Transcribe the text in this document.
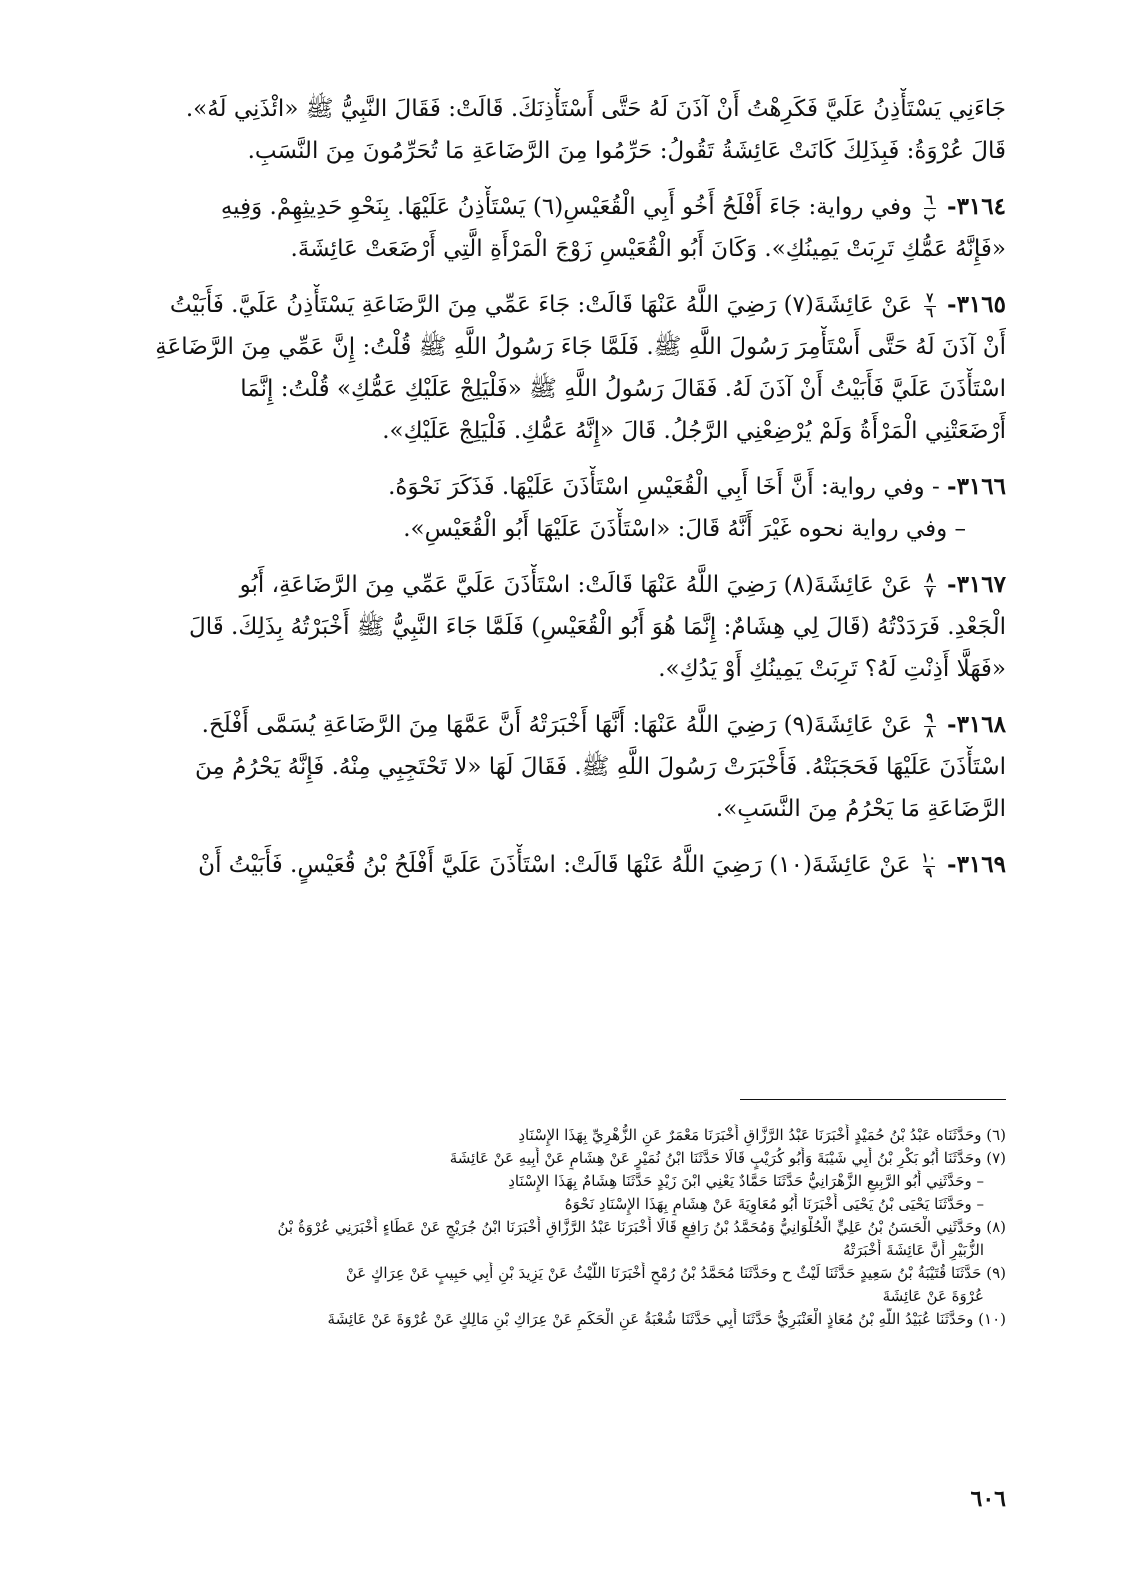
جَاءَنِي يَسْتَأْذِنُ عَلَيَّ فَكَرِهْتُ أَنْ آذَنَ لَهُ حَتَّى أَسْتَأْذِنَكَ. قَالَتْ: فَقَالَ النَّبِيُّ ﷺ «ائْذَنِي لَهُ».
قَالَ عُرْوَةُ: فَبِذَلِكَ كَانَتْ عَائِشَةُ تَقُولُ: حَرِّمُوا مِنَ الرَّضَاعَةِ مَا تُحَرِّمُونَ مِنَ النَّسَبِ.
٣١٦٤-
$\frac{٦}{\text{ب}}$
وفي رواية: جَاءَ أَفْلَحُ أَخُو أَبِي الْقُعَيْسِ(٦) يَسْتَأْذِنُ عَلَيْهَا. بِنَحْوِ حَدِيثِهِمْ. وَفِيهِ
«فَإِنَّهُ عَمُّكِ تَرِبَتْ يَمِينُكِ». وَكَانَ أَبُو الْقُعَيْسِ زَوْجَ الْمَرْأَةِ الَّتِي أَرْضَعَتْ عَائِشَةَ.
٣١٦٥-
$\frac{٧}{٦}$
عَنْ عَائِشَةَ(٧) رَضِيَ اللَّهُ عَنْهَا قَالَتْ: جَاءَ عَمِّي مِنَ الرَّضَاعَةِ يَسْتَأْذِنُ عَلَيَّ. فَأَبَيْتُ
أَنْ آذَنَ لَهُ حَتَّى أَسْتَأْمِرَ رَسُولَ اللَّهِ ﷺ. فَلَمَّا جَاءَ رَسُولُ اللَّهِ ﷺ قُلْتُ: إِنَّ عَمِّي مِنَ الرَّضَاعَةِ
اسْتَأْذَنَ عَلَيَّ فَأَبَيْتُ أَنْ آذَنَ لَهُ. فَقَالَ رَسُولُ اللَّهِ ﷺ «فَلْيَلِجْ عَلَيْكِ عَمُّكِ» قُلْتُ: إِنَّمَا
أَرْضَعَتْنِي الْمَرْأَةُ وَلَمْ يُرْضِعْنِي الرَّجُلُ. قَالَ «إِنَّهُ عَمُّكِ. فَلْيَلِجْ عَلَيْكِ».
٣١٦٦- - وفي رواية: أَنَّ أَخَا أَبِي الْقُعَيْسِ اسْتَأْذَنَ عَلَيْهَا. فَذَكَرَ نَحْوَهُ.
– وفي رواية نحوه غَيْرَ أَنَّهُ قَالَ: «اسْتَأْذَنَ عَلَيْهَا أَبُو الْقُعَيْسِ».
٣١٦٧-
$\frac{٨}{٧}$
عَنْ عَائِشَةَ(٨) رَضِيَ اللَّهُ عَنْهَا قَالَتْ: اسْتَأْذَنَ عَلَيَّ عَمِّي مِنَ الرَّضَاعَةِ، أَبُو
الْجَعْدِ. فَرَدَدْتُهُ (قَالَ لِي هِشَامٌ: إِنَّمَا هُوَ أَبُو الْقُعَيْسِ) فَلَمَّا جَاءَ النَّبِيُّ ﷺ أَخْبَرْتُهُ بِذَلِكَ. قَالَ
«فَهَلَّا أَذِنْتِ لَهُ؟ تَرِبَتْ يَمِينُكِ أَوْ يَدُكِ».
٣١٦٨-
$\frac{٩}{٨}$
عَنْ عَائِشَةَ(٩) رَضِيَ اللَّهُ عَنْهَا: أَنَّهَا أَخْبَرَتْهُ أَنَّ عَمَّهَا مِنَ الرَّضَاعَةِ يُسَمَّى أَفْلَحَ.
اسْتَأْذَنَ عَلَيْهَا فَحَجَبَتْهُ. فَأَخْبَرَتْ رَسُولَ اللَّهِ ﷺ. فَقَالَ لَهَا «لا تَحْتَجِبِي مِنْهُ. فَإِنَّهُ يَحْرُمُ مِنَ
الرَّضَاعَةِ مَا يَحْرُمُ مِنَ النَّسَبِ».
٣١٦٩-
$\frac{١٠}{٩}$
عَنْ عَائِشَةَ(١٠) رَضِيَ اللَّهُ عَنْهَا قَالَتْ: اسْتَأْذَنَ عَلَيَّ أَفْلَحُ بْنُ قُعَيْسٍ. فَأَبَيْتُ أَنْ
(٦) وحَدَّثَنَاه عَبْدُ بْنُ حُمَيْدٍ أَخْبَرَنَا عَبْدُ الرَّزَّاقِ أَخْبَرَنَا مَعْمَرٌ عَنِ الزُّهْرِيِّ بِهَذَا الإِسْنَادِ
(٧) وحَدَّثَنَا أَبُو بَكْرِ بْنُ أَبِي شَيْبَةَ وَأَبُو كُرَيْبٍ قَالَا حَدَّثَنَا ابْنُ نُمَيْرٍ عَنْ هِشَامٍ عَنْ أَبِيهِ عَنْ عَائِشَةَ
– وحَدَّثَنِي أَبُو الرَّبِيعِ الزَّهْرَانِيُّ حَدَّثَنَا حَمَّادٌ يَعْنِي ابْنَ زَيْدٍ حَدَّثَنَا هِشَامٌ بِهَذَا الإِسْنَادِ
– وحَدَّثَنَا يَحْيَى بْنُ يَحْيَى أَخْبَرَنَا أَبُو مُعَاوِيَةَ عَنْ هِشَامٍ بِهَذَا الإِسْنَادِ نَحْوَهُ
(٨) وحَدَّثَنِي الْحَسَنُ بْنُ عَلِيٍّ الْحُلْوَانِيُّ وَمُحَمَّدُ بْنُ رَافِعٍ قَالَا أَخْبَرَنَا عَبْدُ الرَّزَّاقِ أَخْبَرَنَا ابْنُ جُرَيْجٍ عَنْ عَطَاءٍ أَخْبَرَنِي عُرْوَةُ بْنُ
الزُّبَيْرِ أَنَّ عَائِشَةَ أَخْبَرَتْهُ
(٩) حَدَّثَنَا قُتَيْبَةُ بْنُ سَعِيدٍ حَدَّثَنَا لَيْثٌ ح وحَدَّثَنَا مُحَمَّدُ بْنُ رُمْحٍ أَخْبَرَنَا اللَّيْثُ عَنْ يَزِيدَ بْنِ أَبِي حَبِيبٍ عَنْ عِرَاكٍ عَنْ
عُرْوَةَ عَنْ عَائِشَةَ
(١٠) وحَدَّثَنَا عُبَيْدُ اللَّهِ بْنُ مُعَاذٍ الْعَنْبَرِيُّ حَدَّثَنَا أَبِي حَدَّثَنَا شُعْبَةُ عَنِ الْحَكَمِ عَنْ عِرَاكِ بْنِ مَالِكٍ عَنْ عُرْوَةَ عَنْ عَائِشَةَ
٦٠٦
